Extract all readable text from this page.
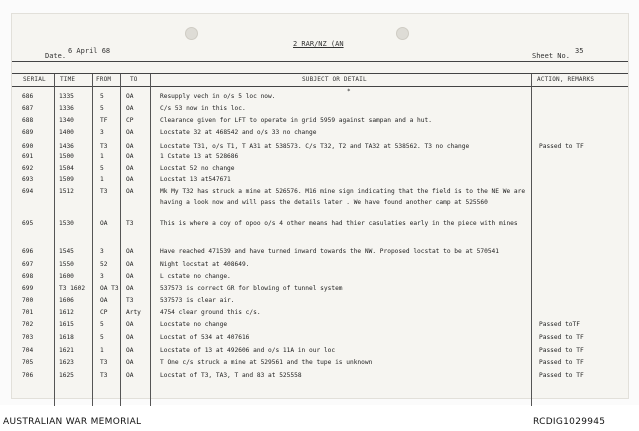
Date.
6 April 68
2 RAR/NZ (AN
Sheet No.
35
SERIAL TIME	FROM	TO	SUBJECT OR DETAIL	ACTION, REMARKS
*
686	1335	5	OA	Resupply vech in o/s 5 loc now.
687	1336	5	OA	C/s 53 now in this loc.
688	1340	TF	CP	Clearance given for LFT to operate in grid 5959 against sampan and a hut.
689	1400	3	OA	Locstate 32 at 468542 and o/s 33 no change
690	1436	T3	OA	Locstate T31, o/s T1, T A31 at 538573. C/s T32, T2 and TA32 at 538562. T3 no change	Passed to TF
691	1500	1	OA	1 Cstate 13 at 528686
692	1504	5	OA	Locstat 52 no change
693	1509	1	OA	Locstat 13 at547671
694	1512	T3	OA	Mk My T32 has struck a mine at 526576. M16 mine sign indicating that the field is to the NE We are having a look now and will pass the details later . We have found another camp at 525560
695	1530	OA	T3	This is where a coy of opoo o/s 4 other means had thier casulaties early in the piece with mines
696	1545	3	OA	Have reached 471539 and have turned inward towards the NW. Proposed locstat to be at 570541
697	1550	52	OA	Night locstat at 408649.
698	1600	3	OA	L cstate no change.
699	T3 1602	OA T3	OA	537573 is correct GR for blowing of tunnel system
700	1606	OA	T3	537573 is clear air.
701	1612	CP	Arty	4754 clear ground this c/s.
702	1615	5	OA	Locstate no change	Passed toTF
703	1618	5	OA	Locstat of 534 at 407616	Passed to TF
704	1621	1	OA	Locstate of 13 at 492606 and o/s 11A in our loc	Passed to TF
705	1623	T3	OA	T One c/s struck a mine at 529561 and the tupe is unknown	Passed to TF
706	1625	T3	OA	Locstat of T3, TA3, T and 83 at 525558	Passed to TF
AUSTRALIAN WAR MEMORIAL	RCDIG1029945
